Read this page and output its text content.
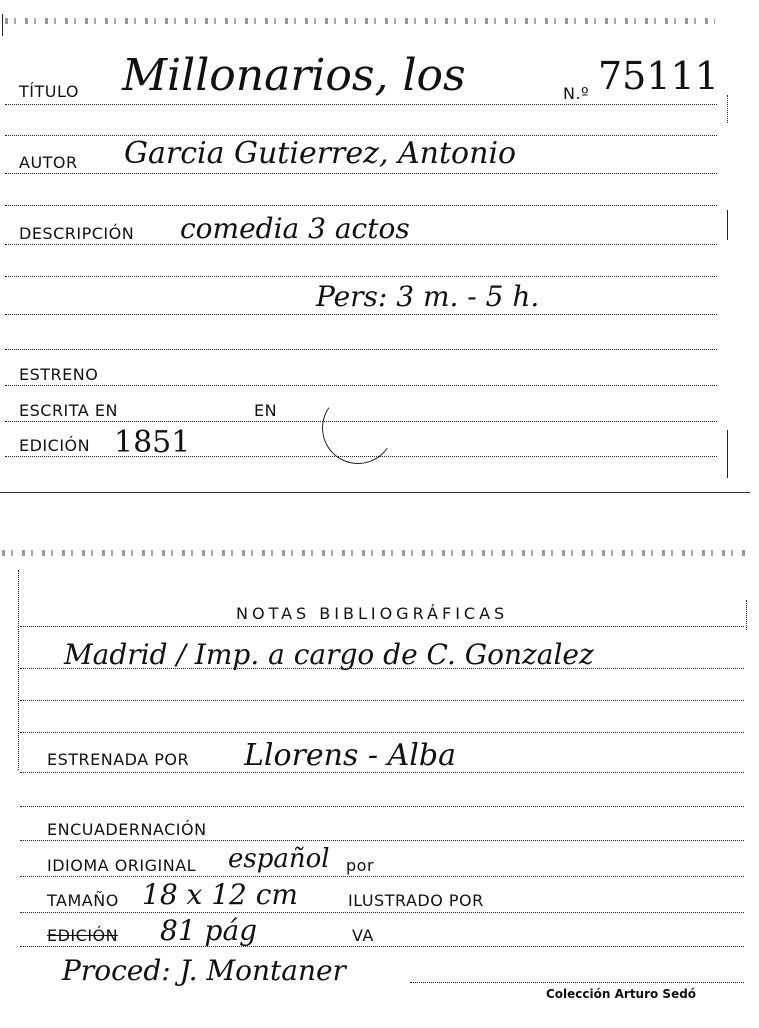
TÍTULO Millonarios, los	N.º 75111
AUTOR Garcia Gutierrez, Antonio
DESCRIPCIÓN comedia 3 actos
Pers: 3 m. - 5 h.
ESTRENO
ESCRITA EN	EN
EDICIÓN 1851
NOTAS BIBLIOGRÁFICAS
Madrid / Imp. a cargo de C. Gonzalez
ESTRENADA POR Llorens - Alba
ENCUADERNACIÓN
IDIOMA ORIGINAL español por
TAMAÑO 18 x 12 cm	ILUSTRADO POR
EDICIÓN 81 pág	VA
Proced: J. Montaner
Colección Arturo Sedó
